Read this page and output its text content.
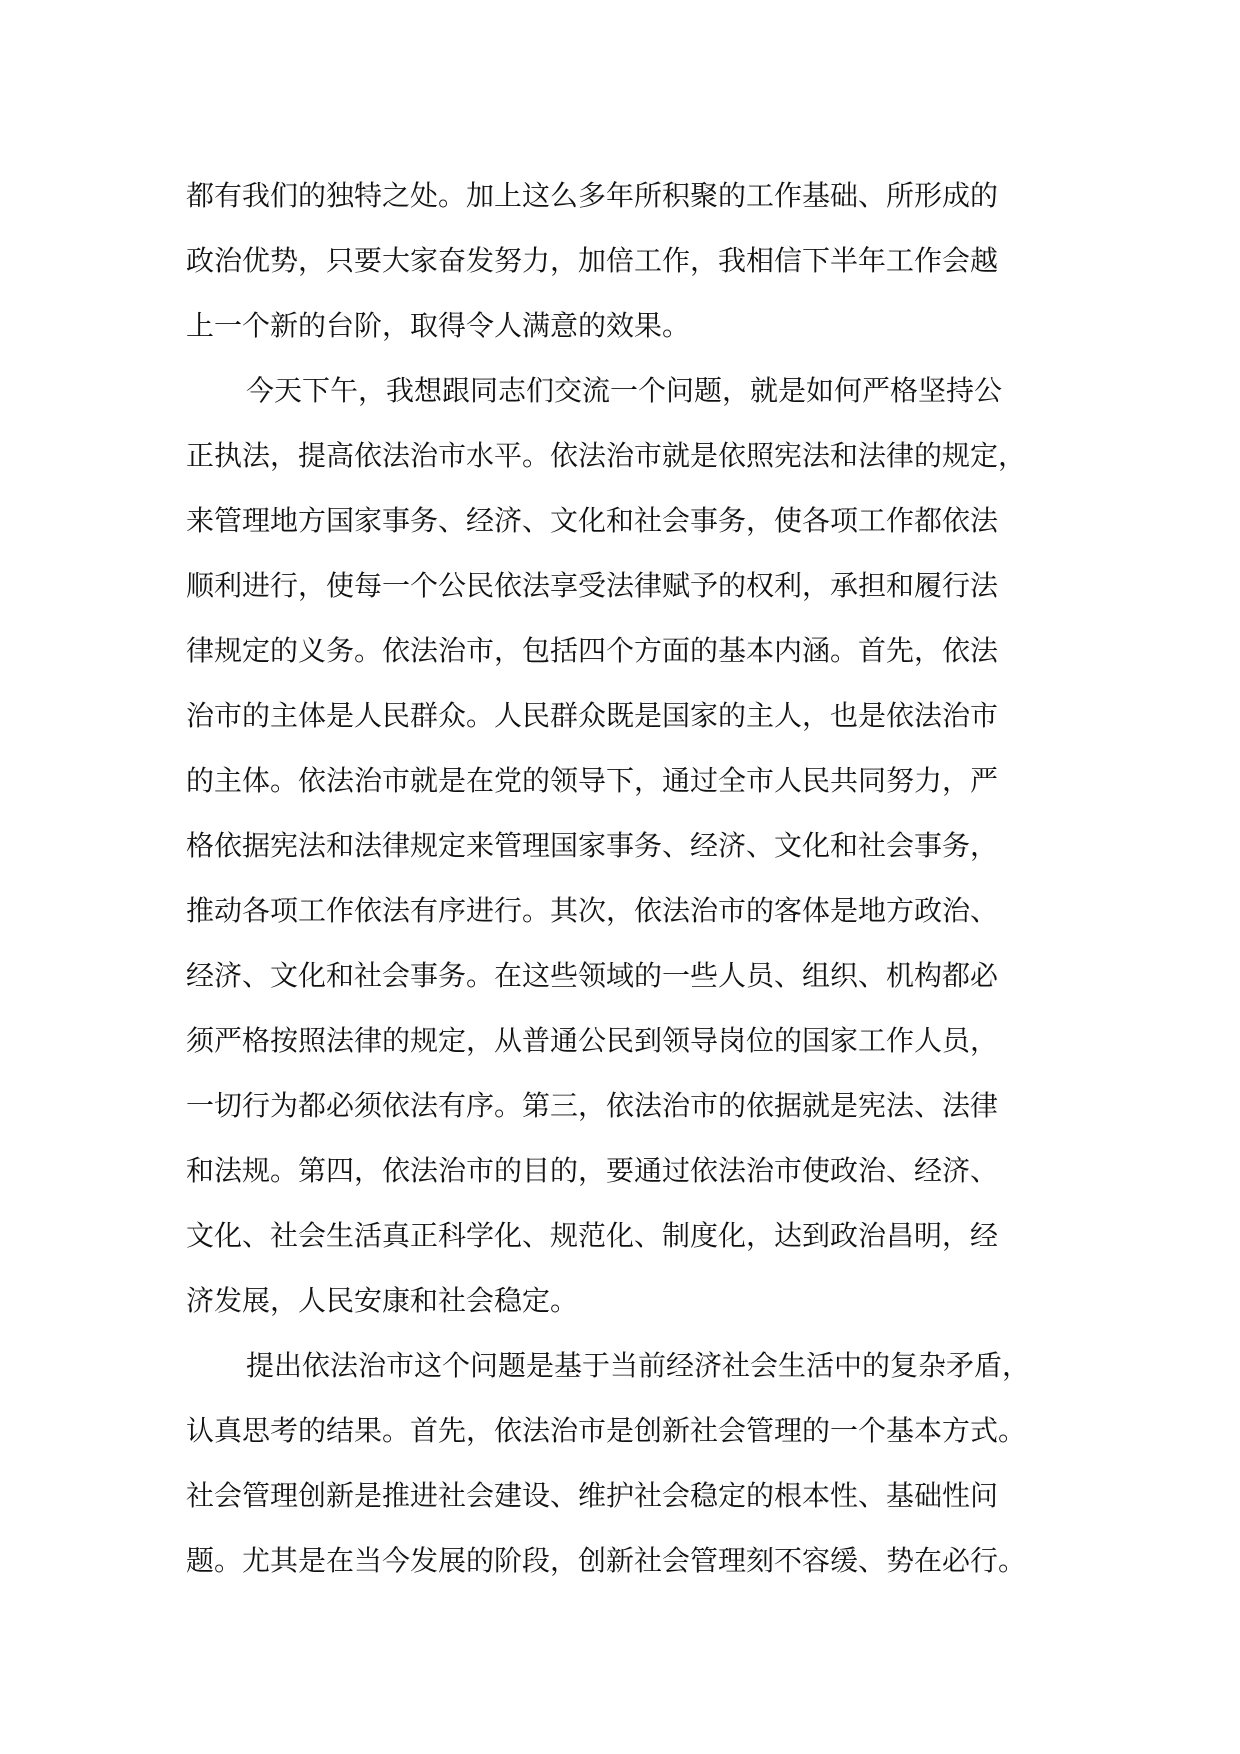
都有我们的独特之处。加上这么多年所积聚的工作基础、所形成的
政治优势，只要大家奋发努力，加倍工作，我相信下半年工作会越
上一个新的台阶，取得令人满意的效果。
今天下午，我想跟同志们交流一个问题，就是如何严格坚持公
正执法，提高依法治市水平。依法治市就是依照宪法和法律的规定，
来管理地方国家事务、经济、文化和社会事务，使各项工作都依法
顺利进行，使每一个公民依法享受法律赋予的权利，承担和履行法
律规定的义务。依法治市，包括四个方面的基本内涵。首先，依法
治市的主体是人民群众。人民群众既是国家的主人，也是依法治市
的主体。依法治市就是在党的领导下，通过全市人民共同努力，严
格依据宪法和法律规定来管理国家事务、经济、文化和社会事务，
推动各项工作依法有序进行。其次，依法治市的客体是地方政治、
经济、文化和社会事务。在这些领域的一些人员、组织、机构都必
须严格按照法律的规定，从普通公民到领导岗位的国家工作人员，
一切行为都必须依法有序。第三，依法治市的依据就是宪法、法律
和法规。第四，依法治市的目的，要通过依法治市使政治、经济、
文化、社会生活真正科学化、规范化、制度化，达到政治昌明，经
济发展，人民安康和社会稳定。
提出依法治市这个问题是基于当前经济社会生活中的复杂矛盾，
认真思考的结果。首先，依法治市是创新社会管理的一个基本方式。
社会管理创新是推进社会建设、维护社会稳定的根本性、基础性问
题。尤其是在当今发展的阶段，创新社会管理刻不容缓、势在必行。
